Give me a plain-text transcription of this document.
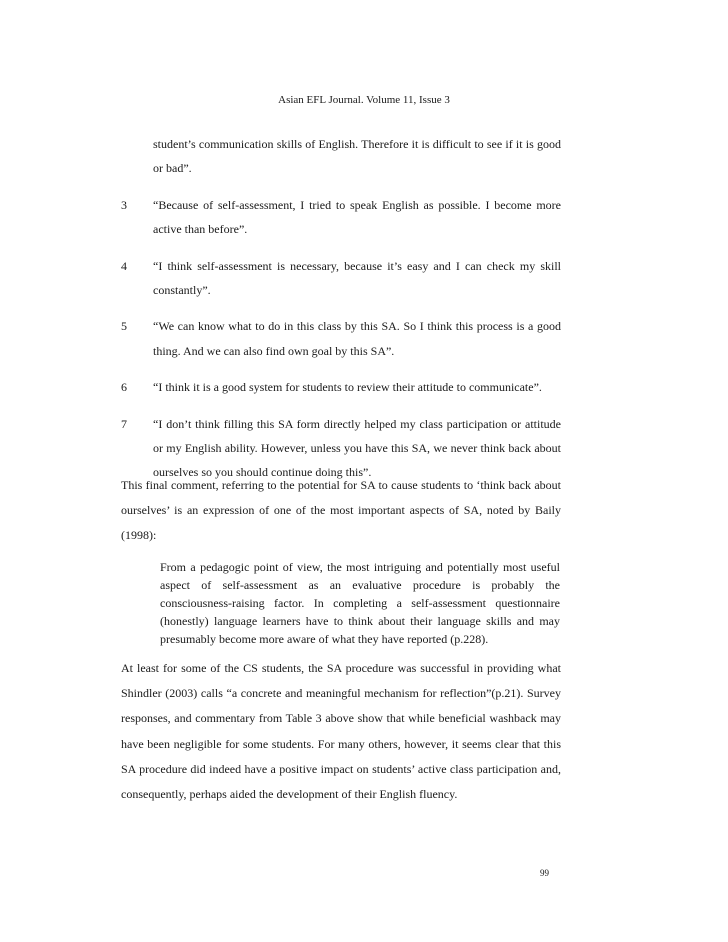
Asian EFL Journal. Volume 11, Issue 3
student’s communication skills of English. Therefore it is difficult to see if it is good or bad”.
3	“Because of self-assessment, I tried to speak English as possible. I become more active than before”.
4	“I think self-assessment is necessary, because it’s easy and I can check my skill constantly”.
5	“We can know what to do in this class by this SA. So I think this process is a good thing. And we can also find own goal by this SA”.
6	“I think it is a good system for students to review their attitude to communicate”.
7	“I don’t think filling this SA form directly helped my class participation or attitude or my English ability. However, unless you have this SA, we never think back about ourselves so you should continue doing this”.

This final comment, referring to the potential for SA to cause students to ‘think back about ourselves’ is an expression of one of the most important aspects of SA, noted by Baily (1998):

From a pedagogic point of view, the most intriguing and potentially most useful aspect of self-assessment as an evaluative procedure is probably the consciousness-raising factor. In completing a self-assessment questionnaire (honestly) language learners have to think about their language skills and may presumably become more aware of what they have reported (p.228).

At least for some of the CS students, the SA procedure was successful in providing what Shindler (2003) calls “a concrete and meaningful mechanism for reflection”(p.21). Survey responses, and commentary from Table 3 above show that while beneficial washback may have been negligible for some students. For many others, however, it seems clear that this SA procedure did indeed have a positive impact on students’ active class participation and, consequently, perhaps aided the development of their English fluency.

99
